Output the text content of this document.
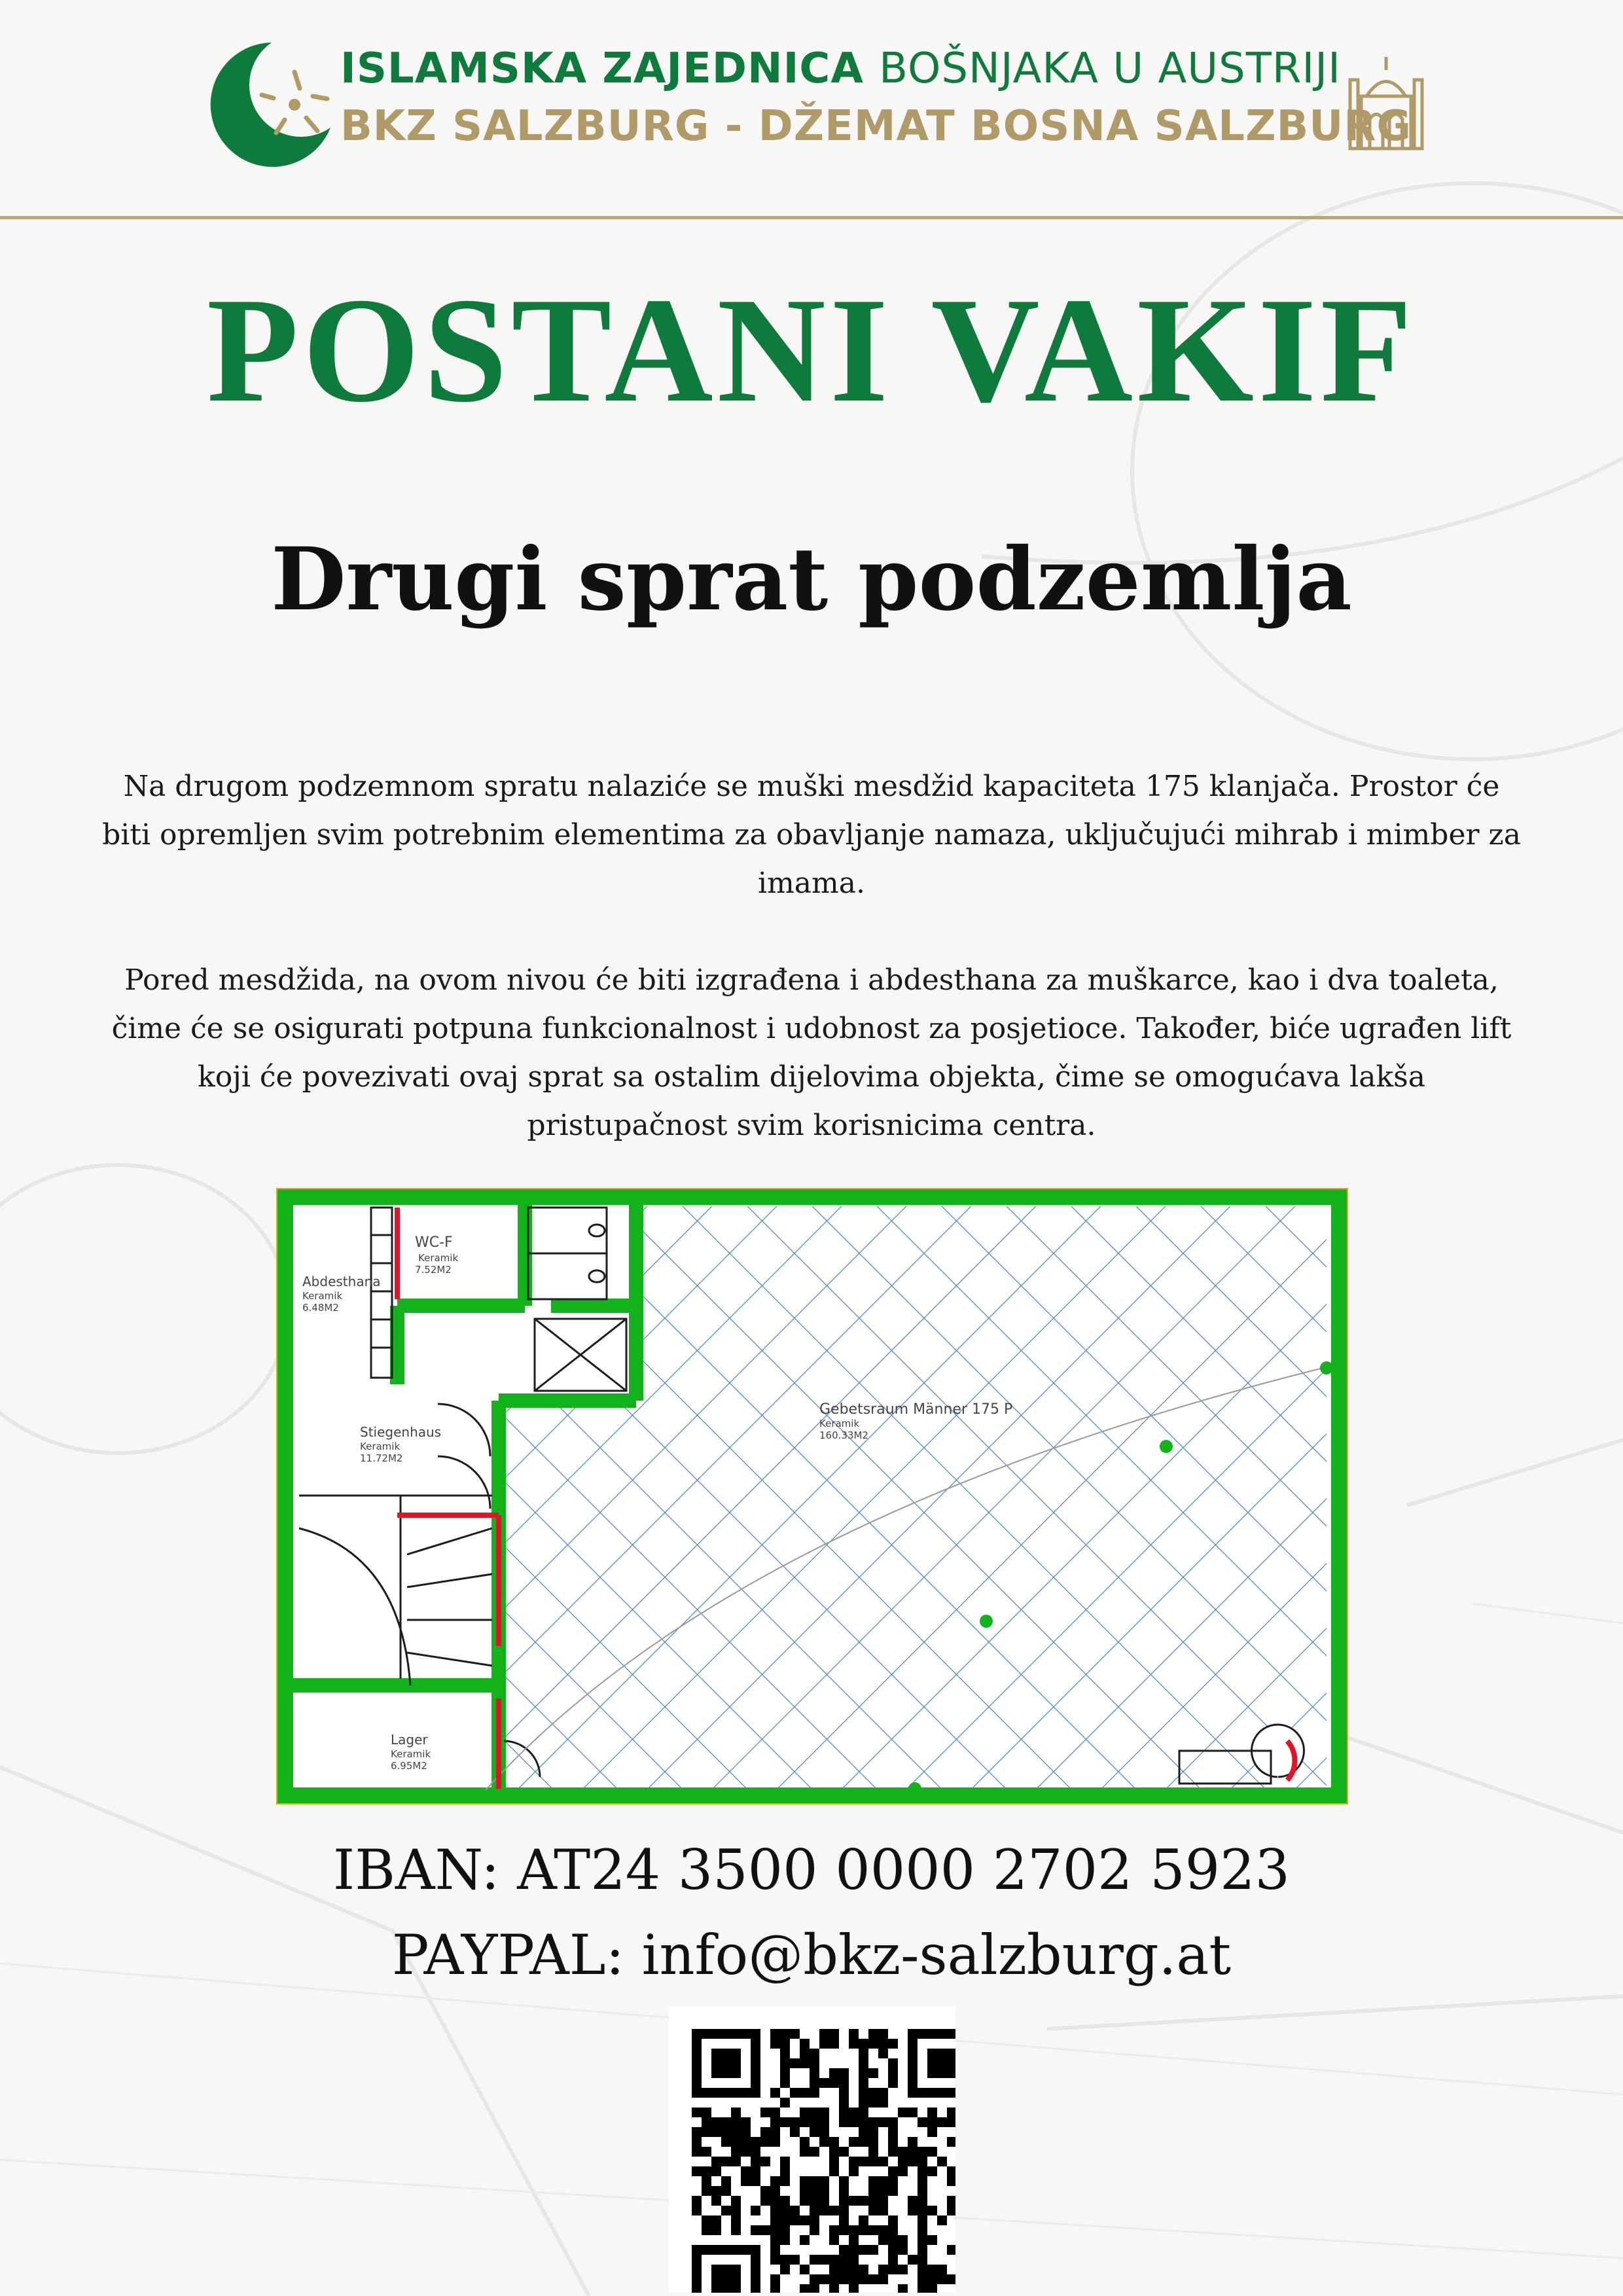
ISLAMSKA ZAJEDNICA BOŠNJAKA U AUSTRIJI
BKZ SALZBURG - DŽEMAT BOSNA SALZBURG
POSTANI VAKIF
Drugi sprat podzemlja

Na drugom podzemnom spratu nalaziće se muški mesdžid kapaciteta 175 klanjača. Prostor će biti opremljen svim potrebnim elementima za obavljanje namaza, uključujući mihrab i mimber za imama.

Pored mesdžida, na ovom nivou će biti izgrađena i abdesthana za muškarce, kao i dva toaleta, čime će se osigurati potpuna funkcionalnost i udobnost za posjetioce. Također, biće ugrađen lift koji će povezivati ovaj sprat sa ostalim dijelovima objekta, čime se omogućava lakša pristupačnost svim korisnicima centra.

WC-F
Keramik
7.52M2
Abdesthana
Keramik
6.48M2
Stiegenhaus
Keramik
11.72M2
Gebetsraum Männer 175 P
Keramik
160.33M2
Lager
Keramik
6.95M2
IBAN: AT24 3500 0000 2702 5923
PAYPAL: info@bkz-salzburg.at
